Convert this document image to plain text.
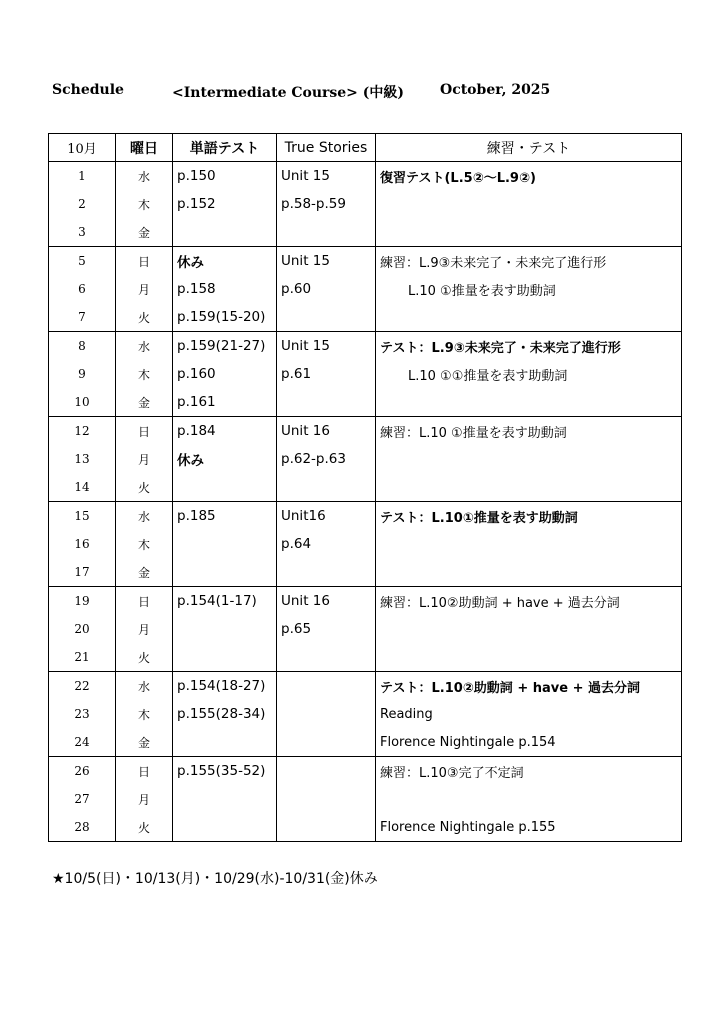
Schedule	<Intermediate Course> (中級)	October, 2025
10月	曜日	単語テスト	True Stories	練習・テスト
1	水	p.150	Unit 15	復習テスト(L.5②～L.9②)
2	木	p.152	p.58-p.59	
3	金			
5	日	休み	Unit 15	練習：L.9③未来完了・未来完了進行形
6	月	p.158	p.60	L.10 ①推量を表す助動詞
7	火	p.159(15-20)		
8	水	p.159(21-27)	Unit 15	テスト：L.9③未来完了・未来完了進行形
9	木	p.160	p.61	L.10 ①①推量を表す助動詞
10	金	p.161		
12	日	p.184	Unit 16	練習：L.10 ①推量を表す助動詞
13	月	休み	p.62-p.63	
14	火			
15	水	p.185	Unit16	テスト：L.10①推量を表す助動詞
16	木		p.64	
17	金			
19	日	p.154(1-17)	Unit 16	練習：L.10②助動詞 + have + 過去分詞
20	月		p.65	
21	火			
22	水	p.154(18-27)		テスト：L.10②助動詞 + have + 過去分詞
23	木	p.155(28-34)		Reading
24	金			Florence Nightingale p.154
26	日	p.155(35-52)		練習：L.10③完了不定詞
27	月			
28	火			Florence Nightingale p.155
★10/5(日)・10/13(月)・10/29(水)-10/31(金)休み
